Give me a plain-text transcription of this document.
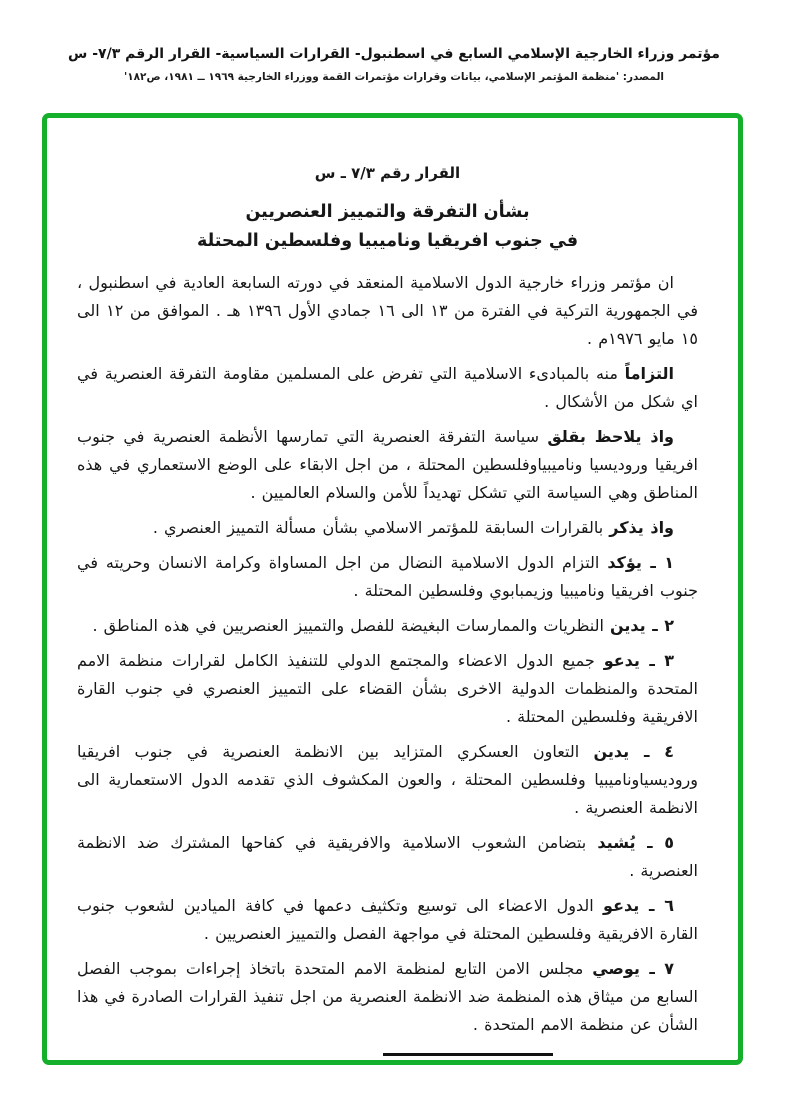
مؤتمر وزراء الخارجية الإسلامي السابع في اسطنبول- القرارات السياسية- القرار الرقم ٧/٣- س
المصدر: 'منظمة المؤتمر الإسلامي، بيانات وقرارات مؤتمرات القمة ووزراء الخارجية ١٩٦٩ ــ ١٩٨١، ص١٨٢'
القرار رقم ٧/٣ ـ س
بشأن التفرقة والتمييز العنصريين
في جنوب افريقيا وناميبيا وفلسطين المحتلة

ان مؤتمر وزراء خارجية الدول الاسلامية المنعقد في دورته السابعة العادية في اسطنبول ، في الجمهورية التركية في الفترة من ١٣ الى ١٦ جمادي الأول ١٣٩٦ هـ . الموافق من ١٢ الى ١٥ مايو ١٩٧٦م .

التزاماً منه بالمبادىء الاسلامية التي تفرض على المسلمين مقاومة التفرقة العنصرية في اي شكل من الأشكال .

واذ يلاحظ بقلق سياسة التفرقة العنصرية التي تمارسها الأنظمة العنصرية في جنوب افريقيا وروديسيا وناميبياوفلسطين المحتلة ، من اجل الابقاء على الوضع الاستعماري في هذه المناطق وهي السياسة التي تشكل تهديداً للأمن والسلام العالميين .

واذ يذكر بالقرارات السابقة للمؤتمر الاسلامي بشأن مسألة التمييز العنصري .

١ ـ يؤكد التزام الدول الاسلامية النضال من اجل المساواة وكرامة الانسان وحريته في جنوب افريقيا وناميبيا وزيمبابوي وفلسطين المحتلة .

٢ ـ يدين النظريات والممارسات البغيضة للفصل والتمييز العنصريين في هذه المناطق .

٣ ـ يدعو جميع الدول الاعضاء والمجتمع الدولي للتنفيذ الكامل لقرارات منظمة الامم المتحدة والمنظمات الدولية الاخرى بشأن القضاء على التمييز العنصري في جنوب القارة الافريقية وفلسطين المحتلة .

٤ ـ يدين التعاون العسكري المتزايد بين الانظمة العنصرية في جنوب افريقيا وروديسياوناميبيا وفلسطين المحتلة ، والعون المكشوف الذي تقدمه الدول الاستعمارية الى الانظمة العنصرية .

٥ ـ يُشيد بتضامن الشعوب الاسلامية والافريقية في كفاحها المشترك ضد الانظمة العنصرية .

٦ ـ يدعو الدول الاعضاء الى توسيع وتكثيف دعمها في كافة الميادين لشعوب جنوب القارة الافريقية وفلسطين المحتلة في مواجهة الفصل والتمييز العنصريين .

٧ ـ يوصي مجلس الامن التابع لمنظمة الامم المتحدة باتخاذ إجراءات بموجب الفصل السابع من ميثاق هذه المنظمة ضد الانظمة العنصرية من اجل تنفيذ القرارات الصادرة في هذا الشأن عن منظمة الامم المتحدة .
